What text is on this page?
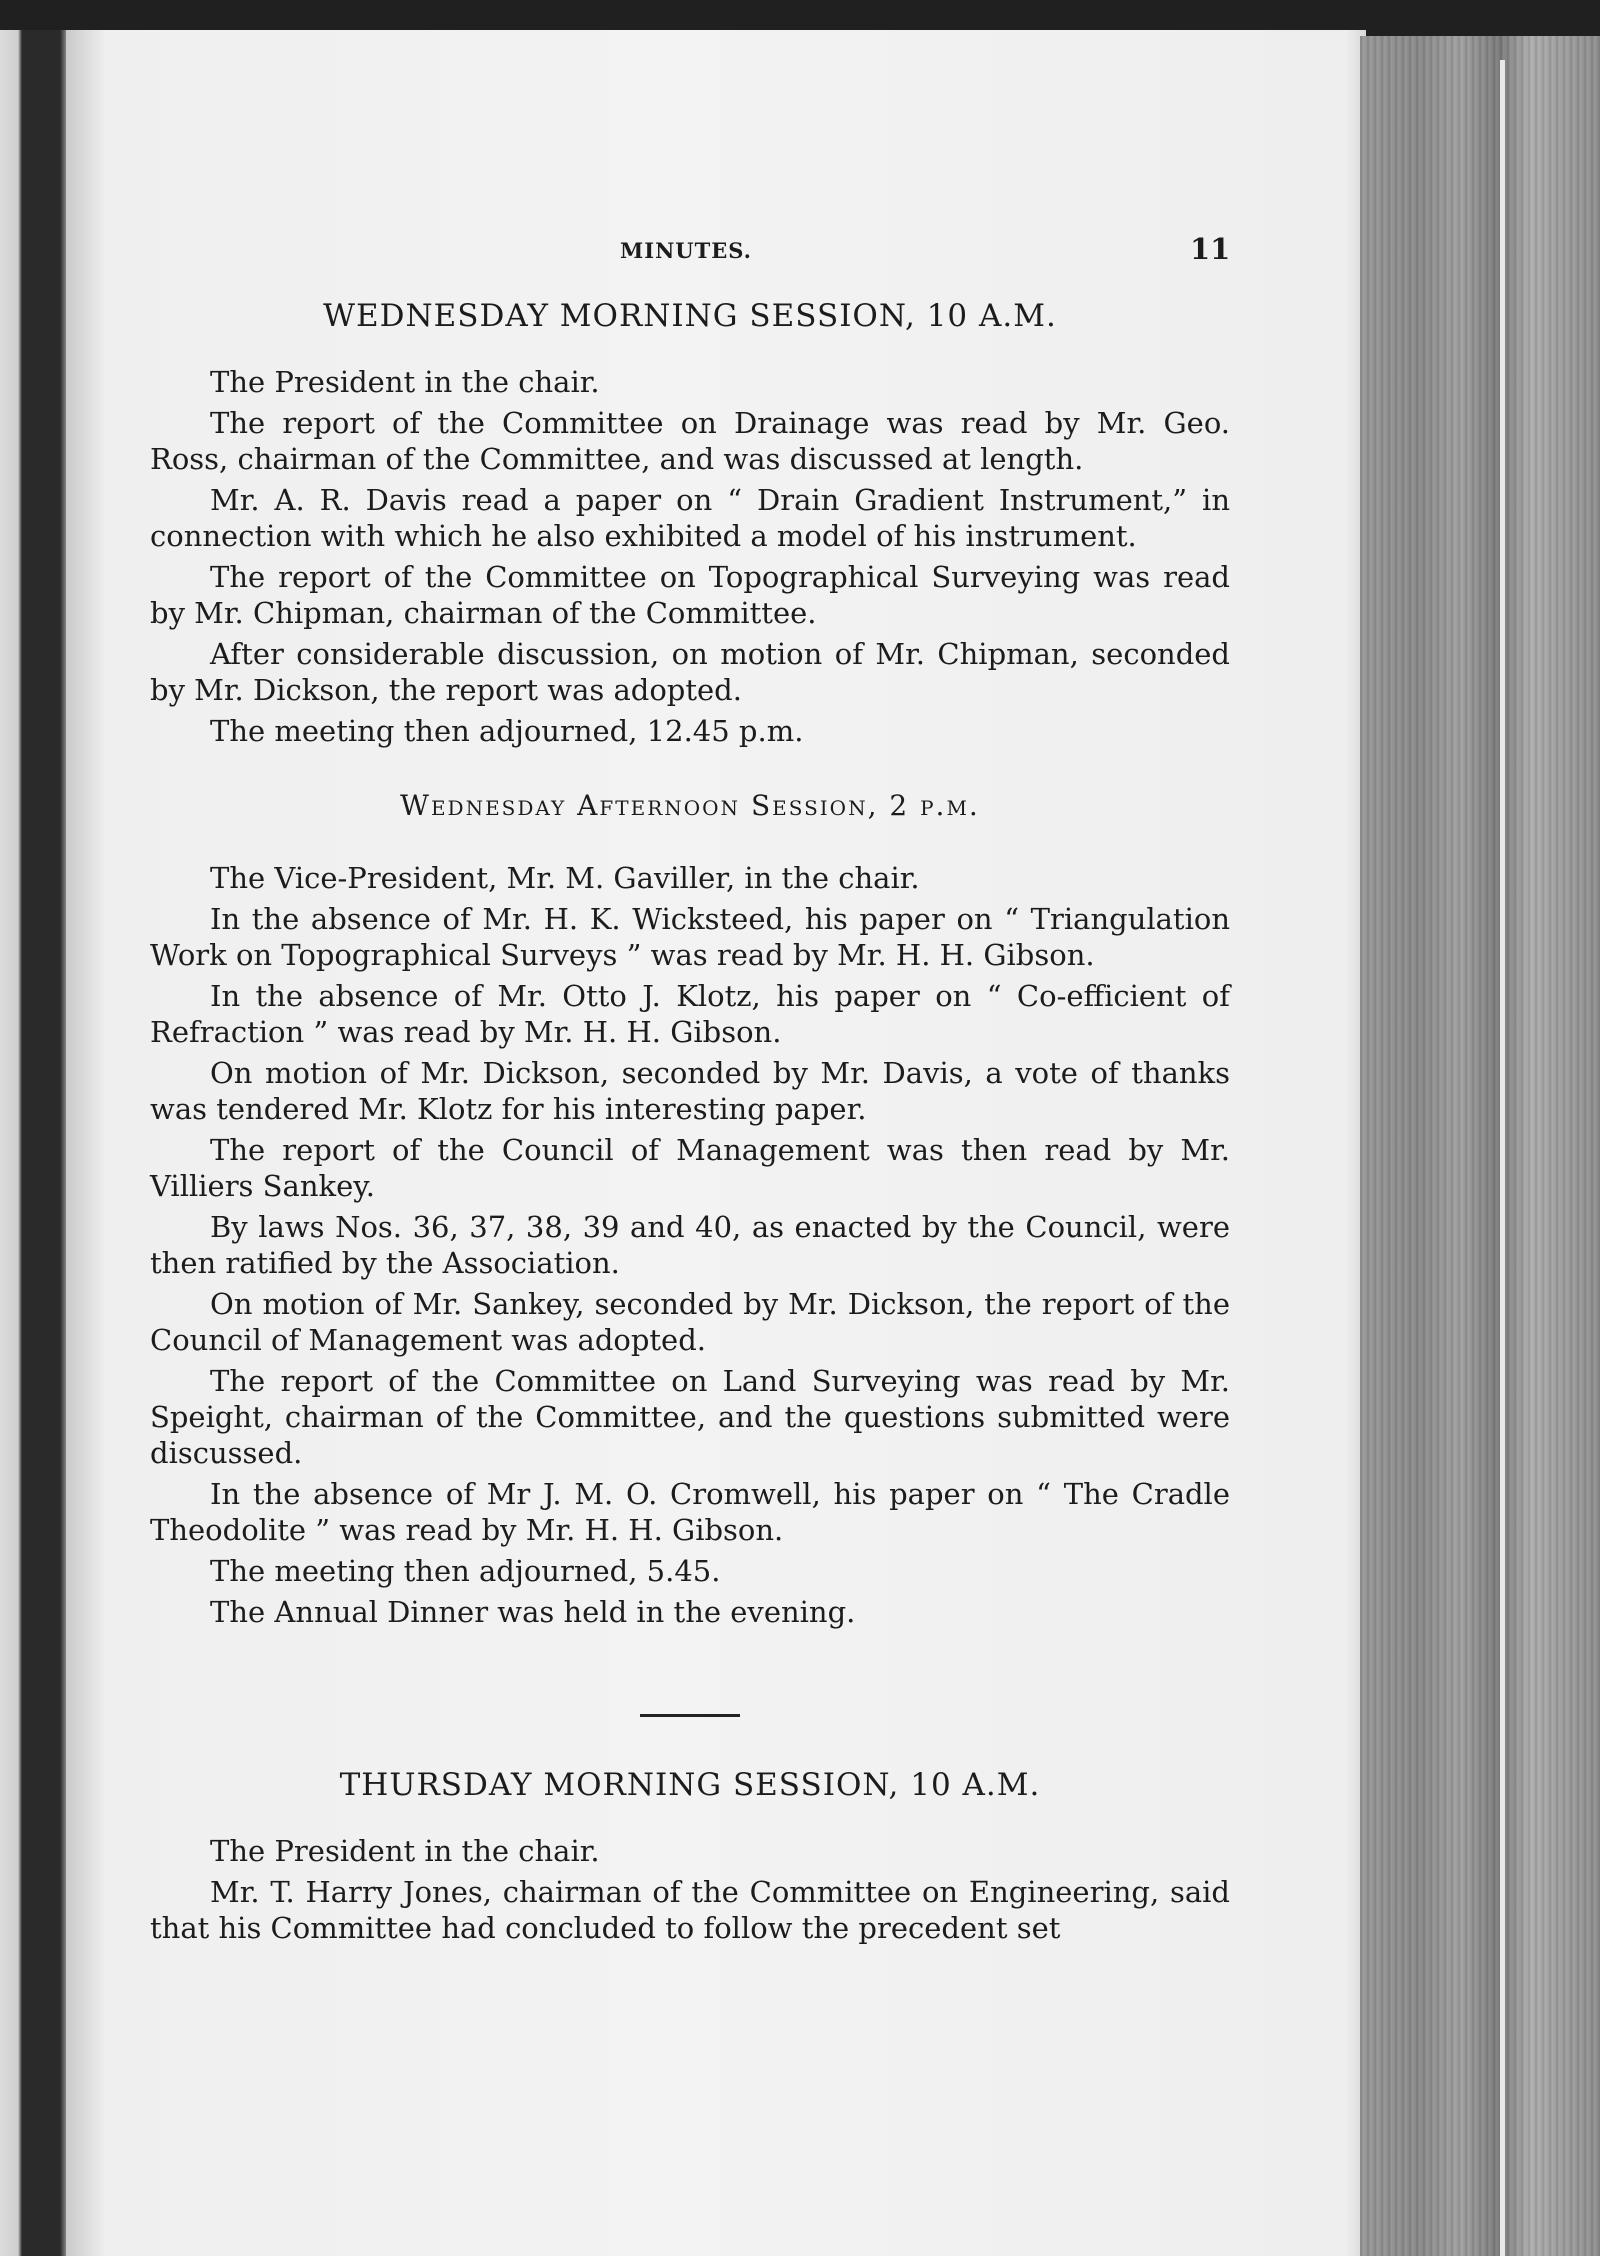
MINUTES.	11
WEDNESDAY MORNING SESSION, 10 A.M.

The President in the chair.

The report of the Committee on Drainage was read by Mr. Geo. Ross, chairman of the Committee, and was discussed at length.

Mr. A. R. Davis read a paper on “ Drain Gradient Instrument,” in connection with which he also exhibited a model of his instrument.

The report of the Committee on Topographical Surveying was read by Mr. Chipman, chairman of the Committee.

After considerable discussion, on motion of Mr. Chipman, seconded by Mr. Dickson, the report was adopted.

The meeting then adjourned, 12.45 p.m.

Wednesday Afternoon Session, 2 p.m.

The Vice-President, Mr. M. Gaviller, in the chair.

In the absence of Mr. H. K. Wicksteed, his paper on “ Triangulation Work on Topographical Surveys ” was read by Mr. H. H. Gibson.

In the absence of Mr. Otto J. Klotz, his paper on “ Co-efficient of Refraction ” was read by Mr. H. H. Gibson.

On motion of Mr. Dickson, seconded by Mr. Davis, a vote of thanks was tendered Mr. Klotz for his interesting paper.

The report of the Council of Management was then read by Mr. Villiers Sankey.

By laws Nos. 36, 37, 38, 39 and 40, as enacted by the Council, were then ratified by the Association.

On motion of Mr. Sankey, seconded by Mr. Dickson, the report of the Council of Management was adopted.

The report of the Committee on Land Surveying was read by Mr. Speight, chairman of the Committee, and the questions submitted were discussed.

In the absence of Mr J. M. O. Cromwell, his paper on “ The Cradle Theodolite ” was read by Mr. H. H. Gibson.

The meeting then adjourned, 5.45.

The Annual Dinner was held in the evening.

THURSDAY MORNING SESSION, 10 A.M.

The President in the chair.

Mr. T. Harry Jones, chairman of the Committee on Engineering, said that his Committee had concluded to follow the precedent set
